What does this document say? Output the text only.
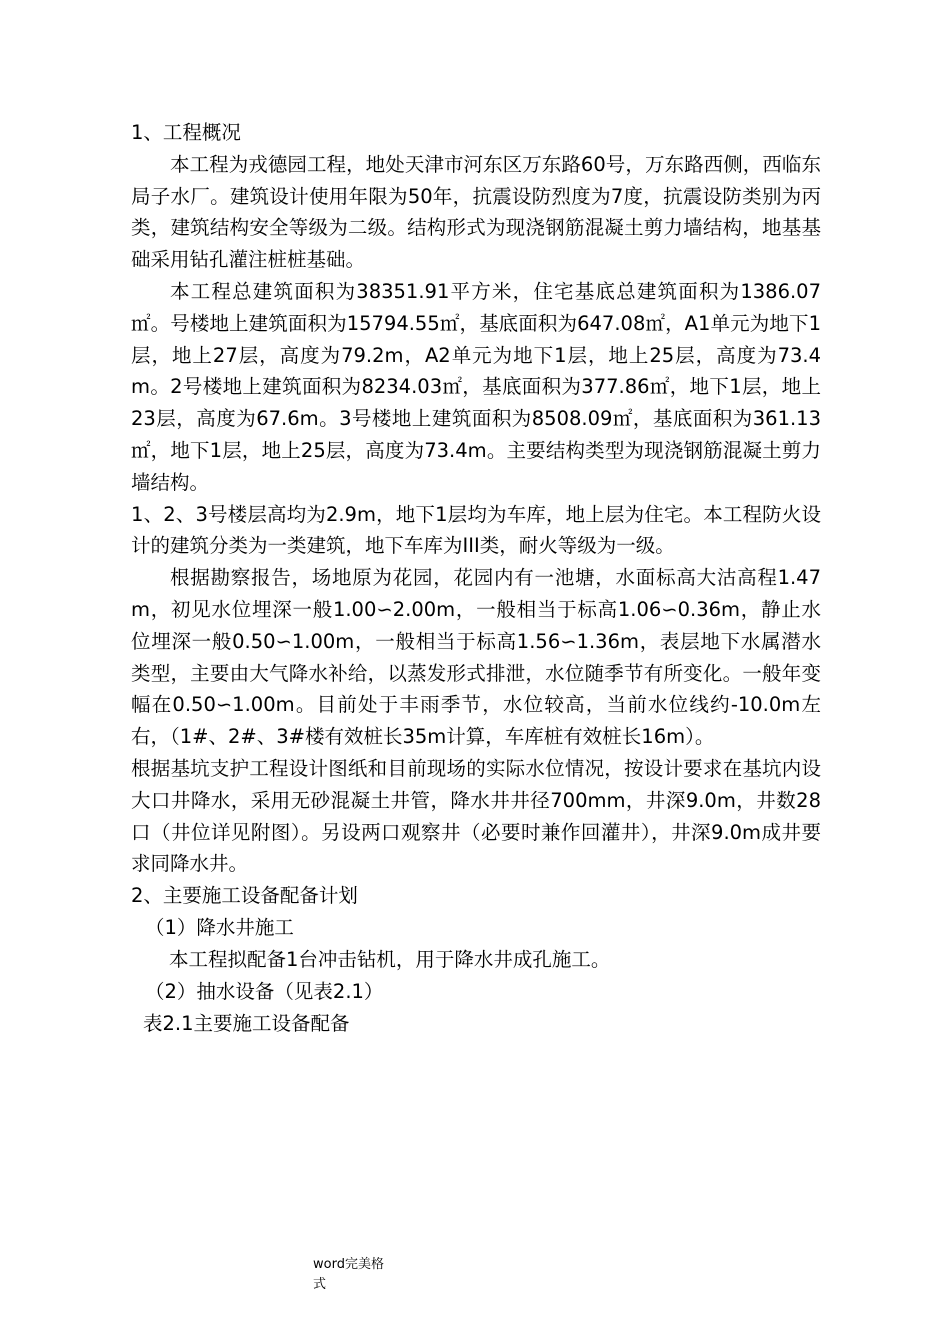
1、工程概况

本工程为戎德园工程，地处天津市河东区万东路60号，万东路西侧，西临东局子水厂。建筑设计使用年限为50年，抗震设防烈度为7度，抗震设防类别为丙类，建筑结构安全等级为二级。结构形式为现浇钢筋混凝土剪力墙结构，地基基础采用钻孔灌注桩桩基础。

本工程总建筑面积为38351.91平方米，住宅基底总建筑面积为1386.07㎡。号楼地上建筑面积为15794.55㎡，基底面积为647.08㎡，A1单元为地下1层，地上27层，高度为79.2m，A2单元为地下1层，地上25层，高度为73.4m。2号楼地上建筑面积为8234.03㎡，基底面积为377.86㎡，地下1层，地上23层，高度为67.6m。3号楼地上建筑面积为8508.09㎡，基底面积为361.13㎡，地下1层，地上25层，高度为73.4m。主要结构类型为现浇钢筋混凝土剪力墙结构。

1、2、3号楼层高均为2.9m，地下1层均为车库，地上层为住宅。本工程防火设计的建筑分类为一类建筑，地下车库为III类，耐火等级为一级。

根据勘察报告，场地原为花园，花园内有一池塘，水面标高大沽高程1.47m，初见水位埋深一般1.00∽2.00m，一般相当于标高1.06∽0.36m，静止水位埋深一般0.50∽1.00m，一般相当于标高1.56∽1.36m，表层地下水属潜水类型，主要由大气降水补给，以蒸发形式排泄，水位随季节有所变化。一般年变幅在0.50∽1.00m。目前处于丰雨季节，水位较高，当前水位线约-10.0m左右，（1#、2#、3#楼有效桩长35m计算，车库桩有效桩长16m）。

根据基坑支护工程设计图纸和目前现场的实际水位情况，按设计要求在基坑内设大口井降水，采用无砂混凝土井管，降水井井径700mm，井深9.0m，井数28口（井位详见附图）。另设两口观察井（必要时兼作回灌井），井深9.0m成井要求同降水井。

2、主要施工设备配备计划

（1）降水井施工

本工程拟配备1台冲击钻机，用于降水井成孔施工。

（2）抽水设备（见表2.1）

表2.1主要施工设备配备

word完美格
式
